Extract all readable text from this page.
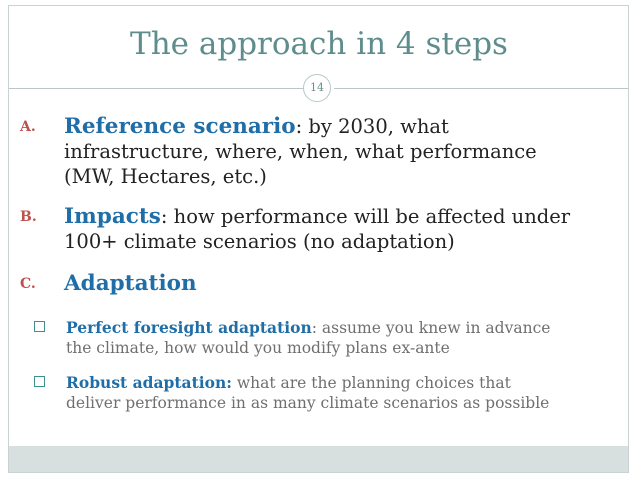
The approach in 4 steps
14
A. Reference scenario: by 2030, what
infrastructure, where, when, what performance
(MW, Hectares, etc.)
B. Impacts: how performance will be affected under
100+ climate scenarios (no adaptation)
C. Adaptation
Perfect foresight adaptation: assume you knew in advance
the climate, how would you modify plans ex-ante
Robust adaptation: what are the planning choices that
deliver performance in as many climate scenarios as possible
